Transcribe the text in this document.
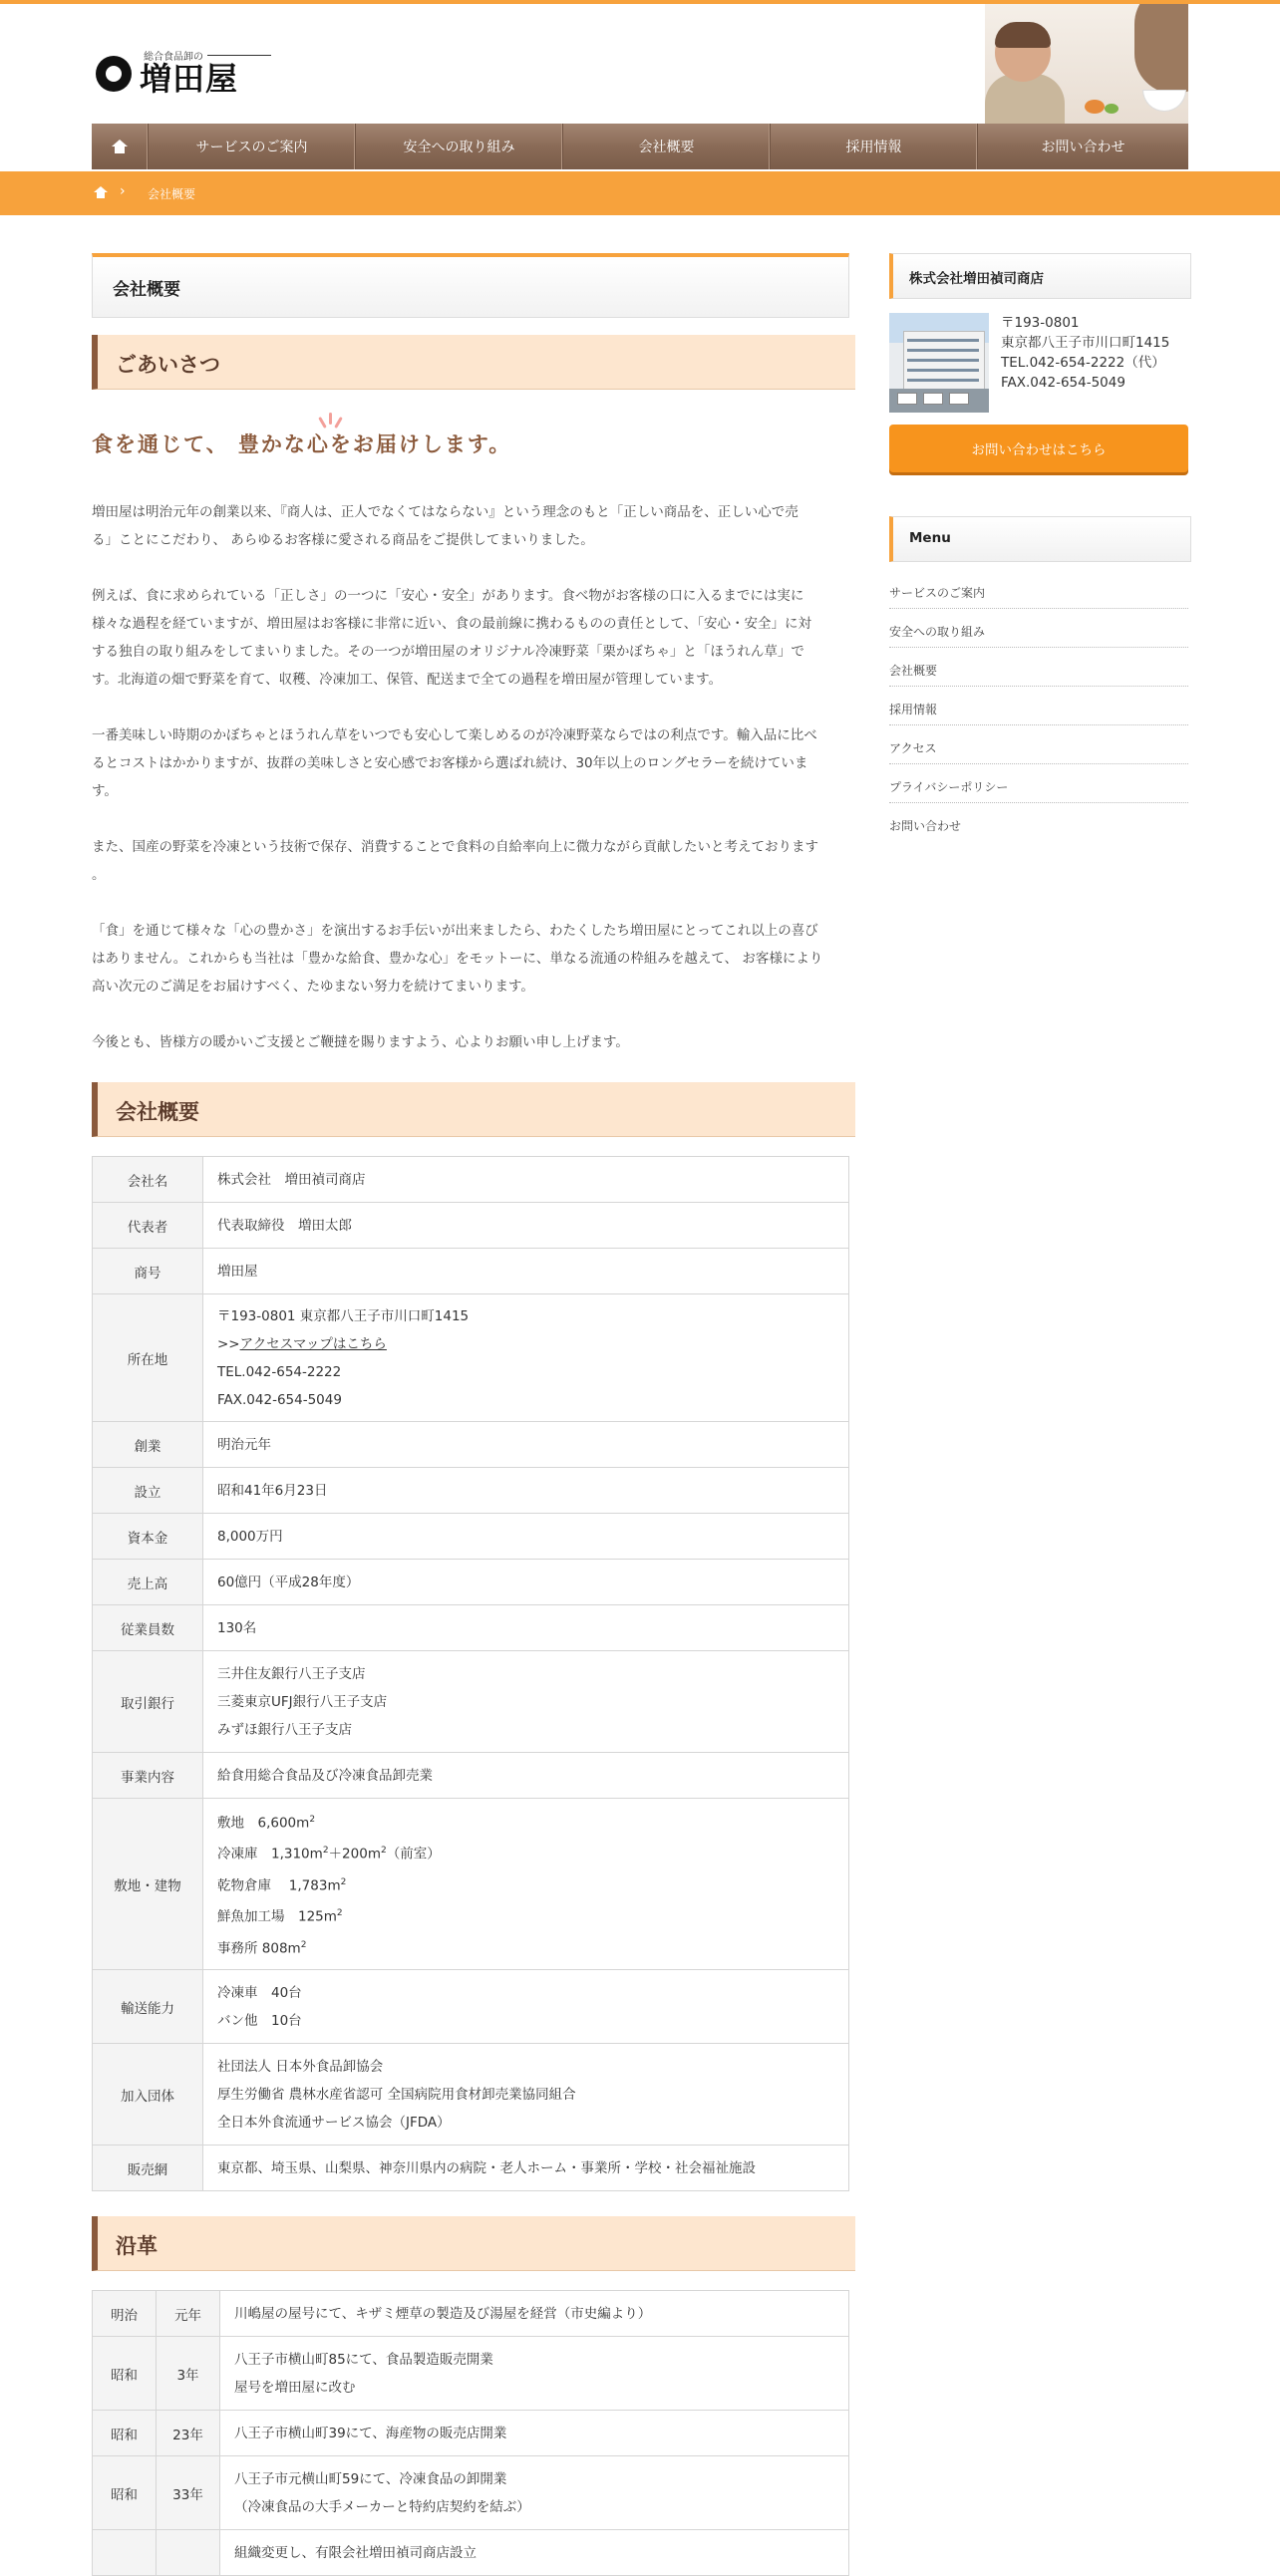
総合食品卸の
増田屋
サービスのご案内	安全への取り組み	会社概要	採用情報	お問い合わせ
› 会社概要
会社概要
ごあいさつ
食を通じて、 豊かな心をお届けします。

増田屋は明治元年の創業以来、『商人は、正人でなくてはならない』という理念のもと「正しい商品を、正しい心で売
る」ことにこだわり、 あらゆるお客様に愛される商品をご提供してまいりました。

例えば、食に求められている「正しさ」の一つに「安心・安全」があります。食べ物がお客様の口に入るまでには実に
様々な過程を経ていますが、増田屋はお客様に非常に近い、食の最前線に携わるものの責任として、「安心・安全」に対
する独自の取り組みをしてまいりました。その一つが増田屋のオリジナル冷凍野菜「栗かぼちゃ」と「ほうれん草」で
す。北海道の畑で野菜を育て、収穫、冷凍加工、保管、配送まで全ての過程を増田屋が管理しています。

一番美味しい時期のかぼちゃとほうれん草をいつでも安心して楽しめるのが冷凍野菜ならではの利点です。輸入品に比べ
るとコストはかかりますが、抜群の美味しさと安心感でお客様から選ばれ続け、30年以上のロングセラーを続けていま
す。

また、国産の野菜を冷凍という技術で保存、消費することで食料の自給率向上に微力ながら貢献したいと考えております
。

「食」を通じて様々な「心の豊かさ」を演出するお手伝いが出来ましたら、わたくしたち増田屋にとってこれ以上の喜び
はありません。これからも当社は「豊かな給食、豊かな心」をモットーに、単なる流通の枠組みを越えて、 お客様により
高い次元のご満足をお届けすべく、たゆまない努力を続けてまいります。

今後とも、皆様方の暖かいご支援とご鞭撻を賜りますよう、心よりお願い申し上げます。

会社概要
会社名	株式会社　増田禎司商店

代表者	代表取締役　増田太郎

商号	増田屋

所在地	〒193-0801 東京都八王子市川口町1415
>>アクセスマップはこちら
TEL.042-654-2222
FAX.042-654-5049

創業	明治元年

設立	昭和41年6月23日

資本金	8,000万円

売上高	60億円（平成28年度）

従業員数	130名

取引銀行	三井住友銀行八王子支店
三菱東京UFJ銀行八王子支店
みずほ銀行八王子支店

事業内容	給食用総合食品及び冷凍食品卸売業

敷地・建物	敷地　$6,600m^2$
冷凍庫　$1,310m^2+200m^2$（前室）
乾物倉庫　 $1,783m^2$
鮮魚加工場　$125m^2$
事務所 $808m^2$

輸送能力	冷凍車　40台
バン他　10台

加入団体	社団法人 日本外食品卸協会
厚生労働省 農林水産省認可 全国病院用食材卸売業協同組合
全日本外食流通サービス協会（JFDA）

販売網	東京都、埼玉県、山梨県、神奈川県内の病院・老人ホーム・事業所・学校・社会福祉施設
沿革
明治	元年	川嶋屋の屋号にて、キザミ煙草の製造及び湯屋を経営（市史編より）

昭和	3年	八王子市横山町85にて、食品製造販売開業
屋号を増田屋に改む

昭和	23年	八王子市横山町39にて、海産物の販売店開業

昭和	33年	八王子市元横山町59にて、冷凍食品の卸開業
（冷凍食品の大手メーカーと特約店契約を結ぶ）

		組織変更し、有限会社増田禎司商店設立
株式会社増田禎司商店
〒193-0801
東京都八王子市川口町1415
TEL.042-654-2222（代）
FAX.042-654-5049
お問い合わせはこちら
Menu
サービスのご案内
安全への取り組み
会社概要
採用情報
アクセス
プライバシーポリシー
お問い合わせ
